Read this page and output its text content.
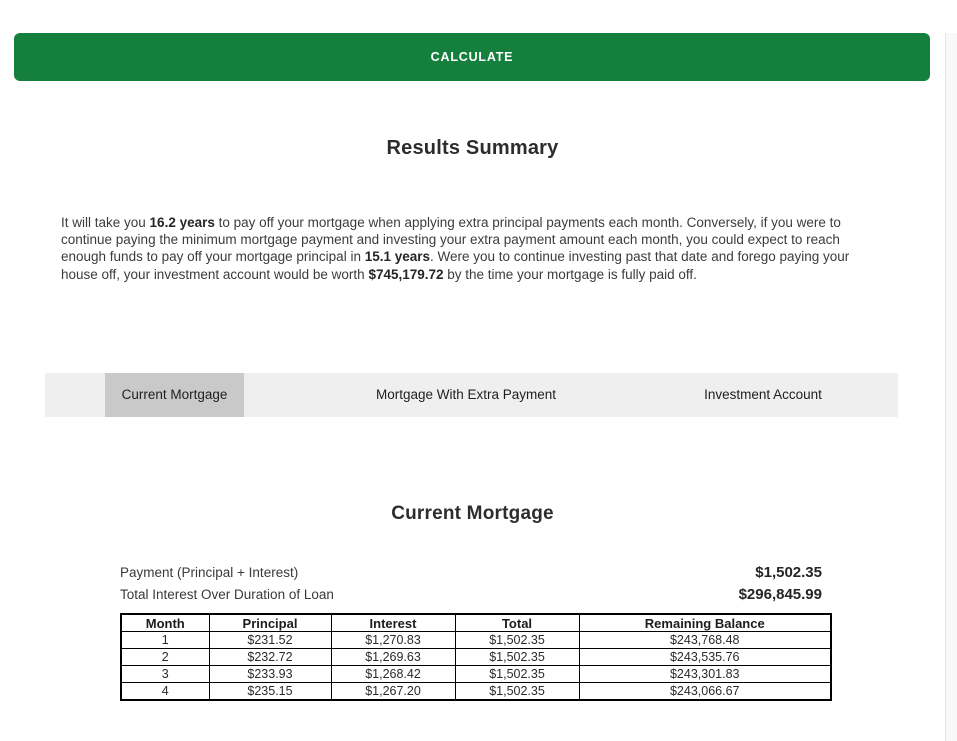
CALCULATE
Results Summary

It will take you 16.2 years to pay off your mortgage when applying extra principal payments each month. Conversely, if you were to continue paying the minimum mortgage payment and investing your extra payment amount each month, you could expect to reach enough funds to pay off your mortgage principal in 15.1 years. Were you to continue investing past that date and forego paying your house off, your investment account would be worth $745,179.72 by the time your mortgage is fully paid off.

Current Mortgage	Mortgage With Extra Payment	Investment Account
Current Mortgage
Payment (Principal + Interest)	$1,502.35
Total Interest Over Duration of Loan	$296,845.99
Month	Principal	Interest	Total	Remaining Balance
1	$231.52	$1,270.83	$1,502.35	$243,768.48
2	$232.72	$1,269.63	$1,502.35	$243,535.76
3	$233.93	$1,268.42	$1,502.35	$243,301.83
4	$235.15	$1,267.20	$1,502.35	$243,066.67
